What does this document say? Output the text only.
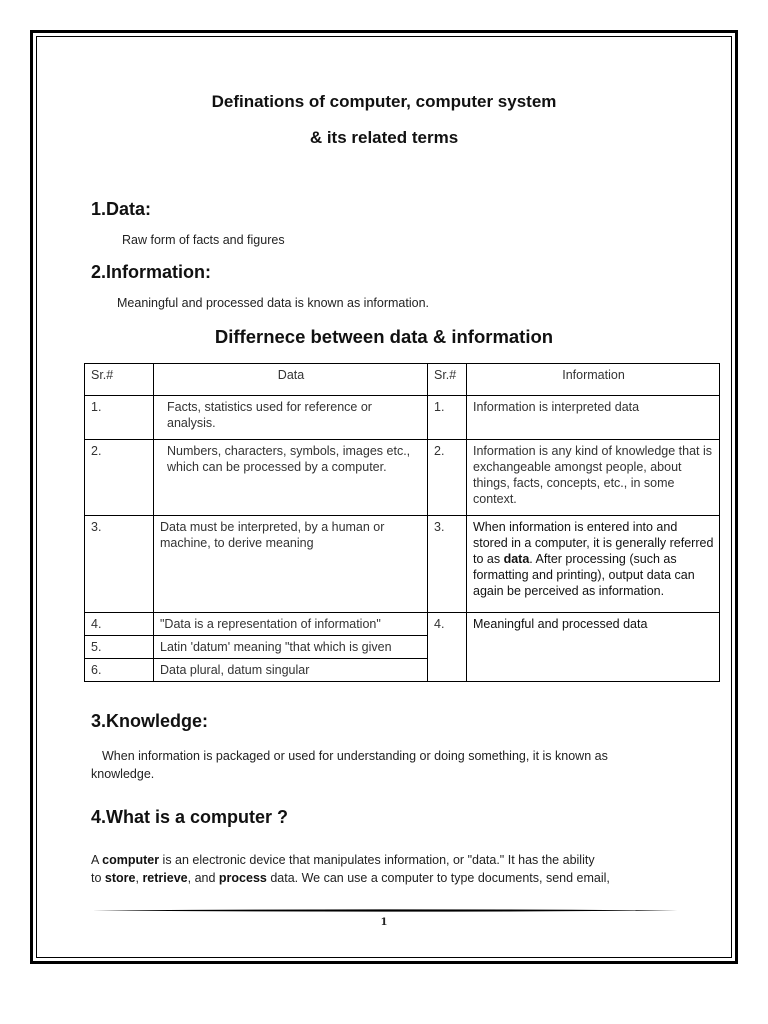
Definations of computer, computer system
& its related terms
1.Data:
Raw form of facts and figures
2.Information:
Meaningful and processed data is known as information.
Differnece between data & information
Sr.#	Data	Sr.#	Information
1.	Facts, statistics used for reference or analysis.	1.	Information is interpreted data
2.	Numbers, characters, symbols, images etc., which can be processed by a computer.	2.	Information is any kind of knowledge that is exchangeable amongst people, about things, facts, concepts, etc., in some context.
3.	Data must be interpreted, by a human or machine, to derive meaning	3.	When information is entered into and stored in a computer, it is generally referred to as data. After processing (such as formatting and printing), output data can again be perceived as information.
4.	"Data is a representation of information"	4.	Meaningful and processed data
5.	Latin 'datum' meaning "that which is given		
6.	Data plural, datum singular		
3.Knowledge:
When information is packaged or used for understanding or doing something, it is known as
knowledge.
4.What is a computer ?
A computer is an electronic device that manipulates information, or "data." It has the ability
to store, retrieve, and process data. We can use a computer to type documents, send email,
1
